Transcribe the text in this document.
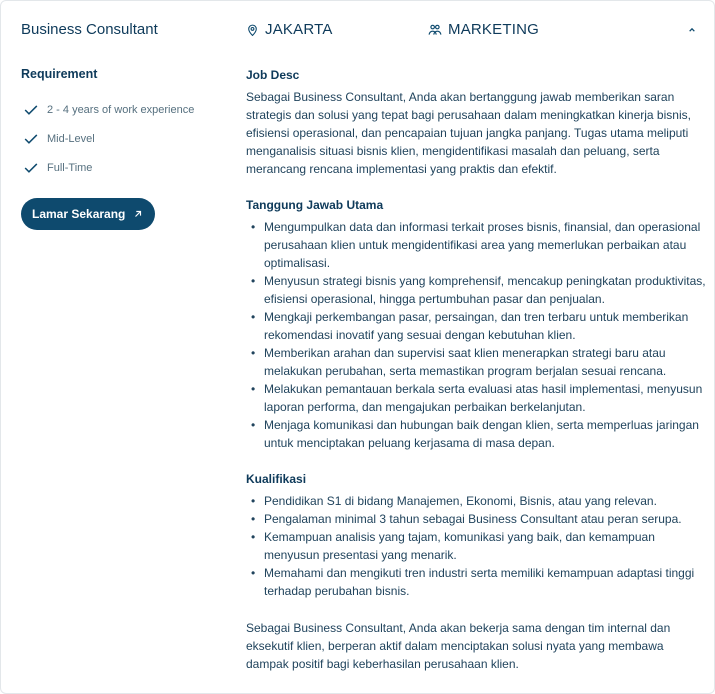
Business Consultant	JAKARTA	MARKETING
Requirement
2 - 4 years of work experience
Mid-Level
Full-Time
Lamar Sekarang
Job Desc

Sebagai Business Consultant, Anda akan bertanggung jawab memberikan saran strategis dan solusi yang tepat bagi perusahaan dalam meningkatkan kinerja bisnis, efisiensi operasional, dan pencapaian tujuan jangka panjang. Tugas utama meliputi menganalisis situasi bisnis klien, mengidentifikasi masalah dan peluang, serta merancang rencana implementasi yang praktis dan efektif.

Tanggung Jawab Utama
• Mengumpulkan data dan informasi terkait proses bisnis, finansial, dan operasional perusahaan klien untuk mengidentifikasi area yang memerlukan perbaikan atau optimalisasi.
• Menyusun strategi bisnis yang komprehensif, mencakup peningkatan produktivitas, efisiensi operasional, hingga pertumbuhan pasar dan penjualan.
• Mengkaji perkembangan pasar, persaingan, dan tren terbaru untuk memberikan rekomendasi inovatif yang sesuai dengan kebutuhan klien.
• Memberikan arahan dan supervisi saat klien menerapkan strategi baru atau melakukan perubahan, serta memastikan program berjalan sesuai rencana.
• Melakukan pemantauan berkala serta evaluasi atas hasil implementasi, menyusun laporan performa, dan mengajukan perbaikan berkelanjutan.
• Menjaga komunikasi dan hubungan baik dengan klien, serta memperluas jaringan untuk menciptakan peluang kerjasama di masa depan.
Kualifikasi
• Pendidikan S1 di bidang Manajemen, Ekonomi, Bisnis, atau yang relevan.
• Pengalaman minimal 3 tahun sebagai Business Consultant atau peran serupa.
• Kemampuan analisis yang tajam, komunikasi yang baik, dan kemampuan menyusun presentasi yang menarik.
• Memahami dan mengikuti tren industri serta memiliki kemampuan adaptasi tinggi terhadap perubahan bisnis.

Sebagai Business Consultant, Anda akan bekerja sama dengan tim internal dan eksekutif klien, berperan aktif dalam menciptakan solusi nyata yang membawa dampak positif bagi keberhasilan perusahaan klien.
